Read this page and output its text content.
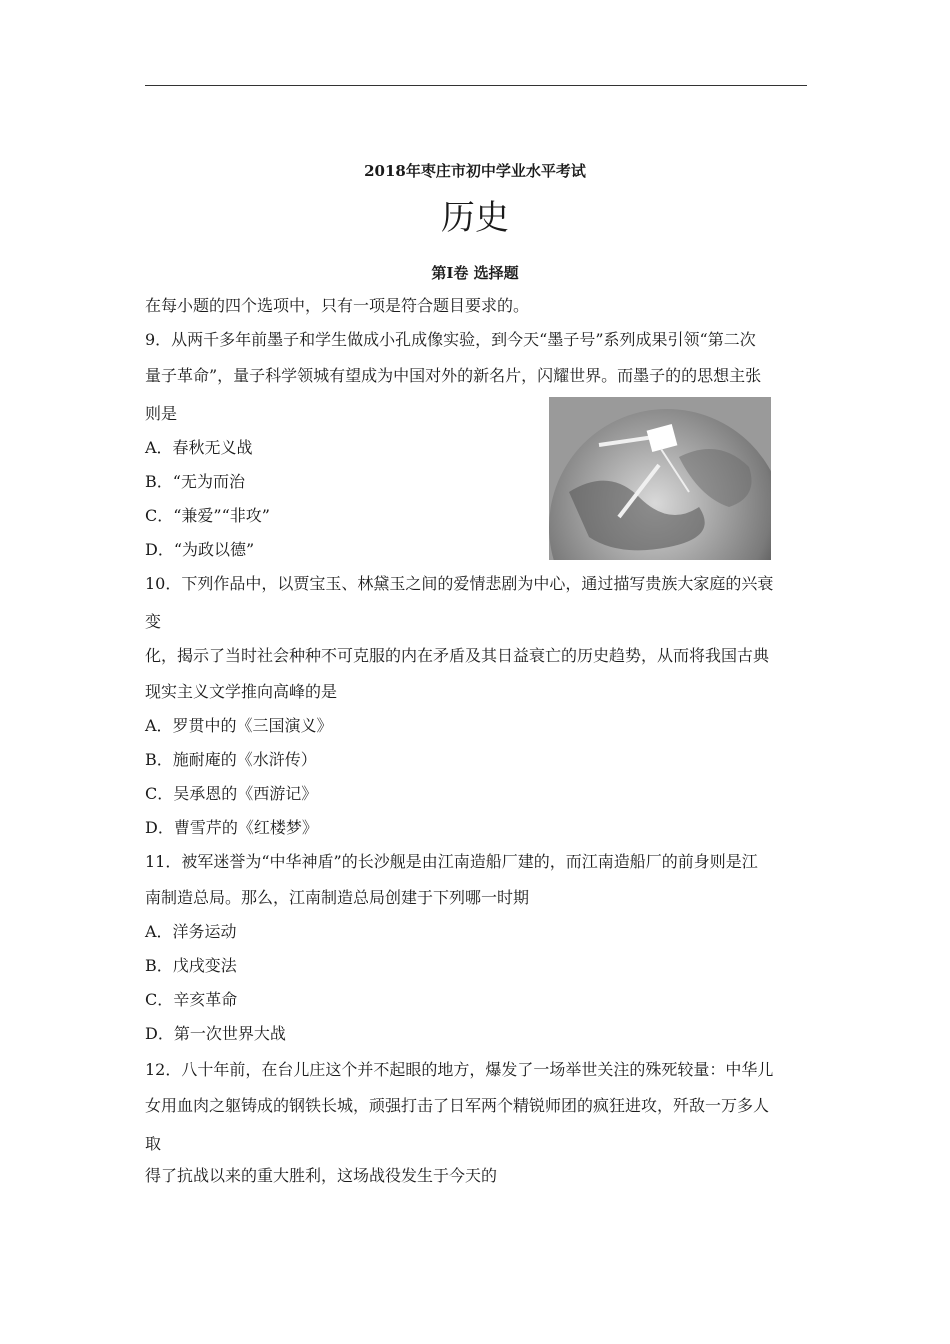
2018年枣庄市初中学业水平考试
历史
第Ⅰ卷 选择题
在每小题的四个选项中，只有一项是符合题目要求的。
9．从两千多年前墨子和学生做成小孔成像实验，到今天“墨子号”系列成果引领“第二次
量子革命”，量子科学领城有望成为中国对外的新名片，闪耀世界。而墨子的的思想主张
则是
A．春秋无义战
B．“无为而治
C．“兼爱”“非攻”
D．“为政以德”
10．下列作品中，以贾宝玉、林黛玉之间的爱情悲剧为中心，通过描写贵族大家庭的兴衰
变
化，揭示了当时社会种种不可克服的内在矛盾及其日益衰亡的历史趋势，从而将我国古典
现实主义文学推向高峰的是
A．罗贯中的《三国演义》
B．施耐庵的《水浒传）
C．吴承恩的《西游记》
D．曹雪芹的《红楼梦》
11．被军迷誉为“中华神盾”的长沙舰是由江南造船厂建的，而江南造船厂的前身则是江
南制造总局。那么，江南制造总局创建于下列哪一时期
A．洋务运动
B．戊戌变法
C．辛亥革命
D．第一次世界大战
12．八十年前，在台儿庄这个并不起眼的地方，爆发了一场举世关注的殊死较量：中华儿
女用血肉之躯铸成的钢铁长城，顽强打击了日军两个精锐师团的疯狂进攻，歼敌一万多人
取
得了抗战以来的重大胜利，这场战役发生于今天的
